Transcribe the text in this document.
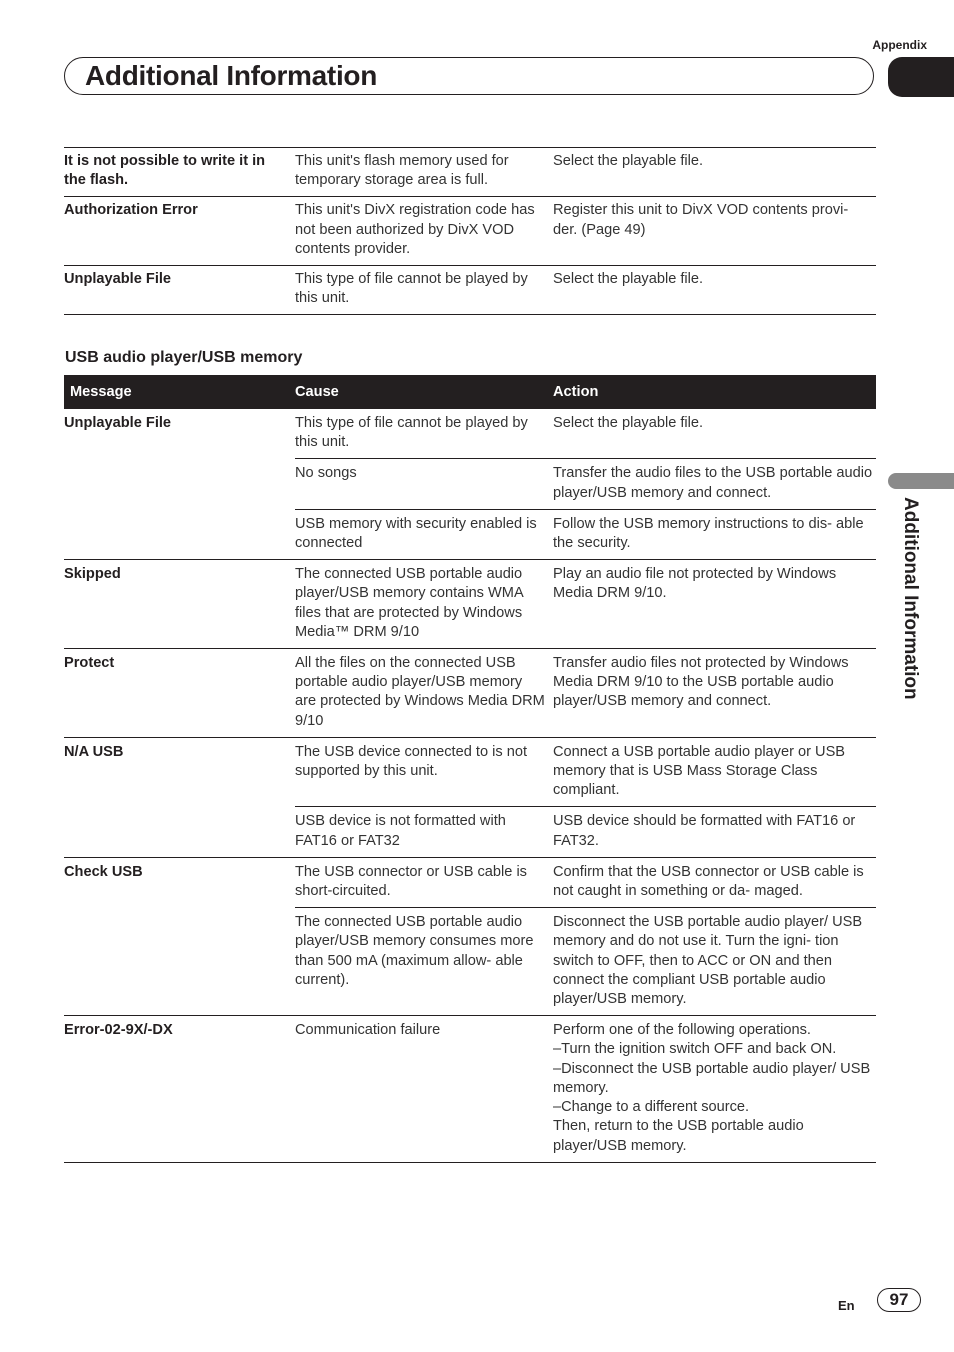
Appendix
Additional Information
Additional Information
It is not possible to write it in the flash.	This unit's flash memory used for temporary storage area is full.	Select the playable file.
Authorization Error	This unit's DivX registration code has not been authorized by DivX VOD contents provider.	Register this unit to DivX VOD contents provi- der. (Page 49)
Unplayable File	This type of file cannot be played by this unit.	Select the playable file.
USB audio player/USB memory
Message	Cause	Action
Unplayable File	This type of file cannot be played by this unit.	Select the playable file.
	No songs	Transfer the audio files to the USB portable audio player/USB memory and connect.
	USB memory with security enabled is connected	Follow the USB memory instructions to dis- able the security.
Skipped	The connected USB portable audio player/USB memory contains WMA files that are protected by Windows Media™ DRM 9/10	Play an audio file not protected by Windows Media DRM 9/10.
Protect	All the files on the connected USB portable audio player/USB memory are protected by Windows Media DRM 9/10	Transfer audio files not protected by Windows Media DRM 9/10 to the USB portable audio player/USB memory and connect.
N/A USB	The USB device connected to is not supported by this unit.	Connect a USB portable audio player or USB memory that is USB Mass Storage Class compliant.
	USB device is not formatted with FAT16 or FAT32	USB device should be formatted with FAT16 or FAT32.
Check USB	The USB connector or USB cable is short-circuited.	Confirm that the USB connector or USB cable is not caught in something or da- maged.
	The connected USB portable audio player/USB memory consumes more than 500 mA (maximum allow- able current).	Disconnect the USB portable audio player/ USB memory and do not use it. Turn the igni- tion switch to OFF, then to ACC or ON and then connect the compliant USB portable audio player/USB memory.
Error-02-9X/-DX	Communication failure	Perform one of the following operations.
–Turn the ignition switch OFF and back ON.
–Disconnect the USB portable audio player/ USB memory.
–Change to a different source.
Then, return to the USB portable audio player/USB memory.
En	97
